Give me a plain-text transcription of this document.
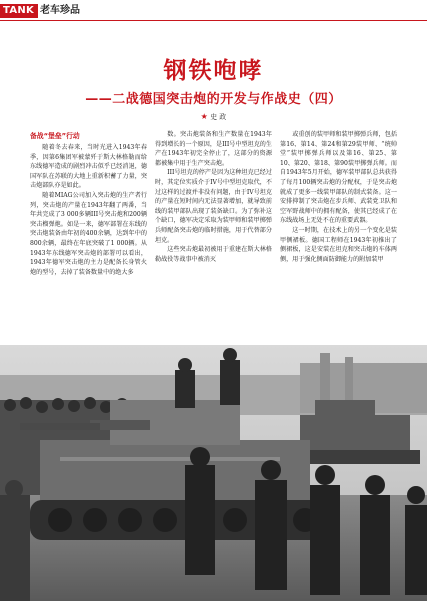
TANK 老车珍品
钢铁咆哮
——二战德国突击炮的开发与作战史（四）
★ 史 政

备战“堡垒”行动

随着冬去春来，当时光进入1943年春季，因第6集团军被蒙歼于斯大林格勒而给东线德军造成的剧烈冲击似乎已经消退，德国军队在苏联的大地上重新积蓄了力量，突击炮部队亦是如此。

随着MIAG公司加入突击炮的生产者行列，突击炮的产量在1943年翻了两番，当年共完成了3 000多辆III号突击炮和200辆突击榴弹炮。如是一来，德军部署在东线的突击炮装备由年初的400余辆，达到年中的800余辆，最终在年底突破了1 000辆。从1943年东线德军突击炮的部署可以看出，1943年德军突击炮的主力是配备长身管火炮的型号，去掉了装备数量中的绝大多

数。突击炮装备和生产数量在1943年得到增长的一个原因，是III号中型坦克的生产在1943年初完全停止了，这部分的资源都被集中用于生产突击炮。

III号坦克的停产是因为这种坦克已经过时，其定位实质介于IV号中型坦克取代，不过这样的过渡并非没有问题，由于IV号坦克的产量在短时间内无法显著增加，就导致前线的装甲部队出现了装备缺口。为了弥补这个缺口，德军决定采取为装甲师和装甲掷弹兵师配备突击炮的临时措施，用于代替部分坦克。

这些突击炮最初被用于重建在斯大林格勒战役等战事中被消灭

或重创的装甲师和装甲掷弹兵师，包括第16、第14、第24和第29装甲师、“统帅堂”装甲掷弹兵师以及第16、第25、第10、第20、第18、第90装甲掷弹兵师。而自1943年5月开始，德军装甲部队总共获得了每月100辆突击炮的分配权，于是突击炮就成了更多一线装甲部队的制式装备。这一安排抑制了突击炮在步兵师、武装党卫队和空军野战师中的拥有配备，使其已经成了在东线战场上无处不在的重要武器。

这一时期，在技术上的另一个变化是装甲侧裙板。德国工程师在1943年初推出了侧裙板，这是安装在坦克和突击炮的车体两侧，用于强化侧面防御能力的附加装甲
